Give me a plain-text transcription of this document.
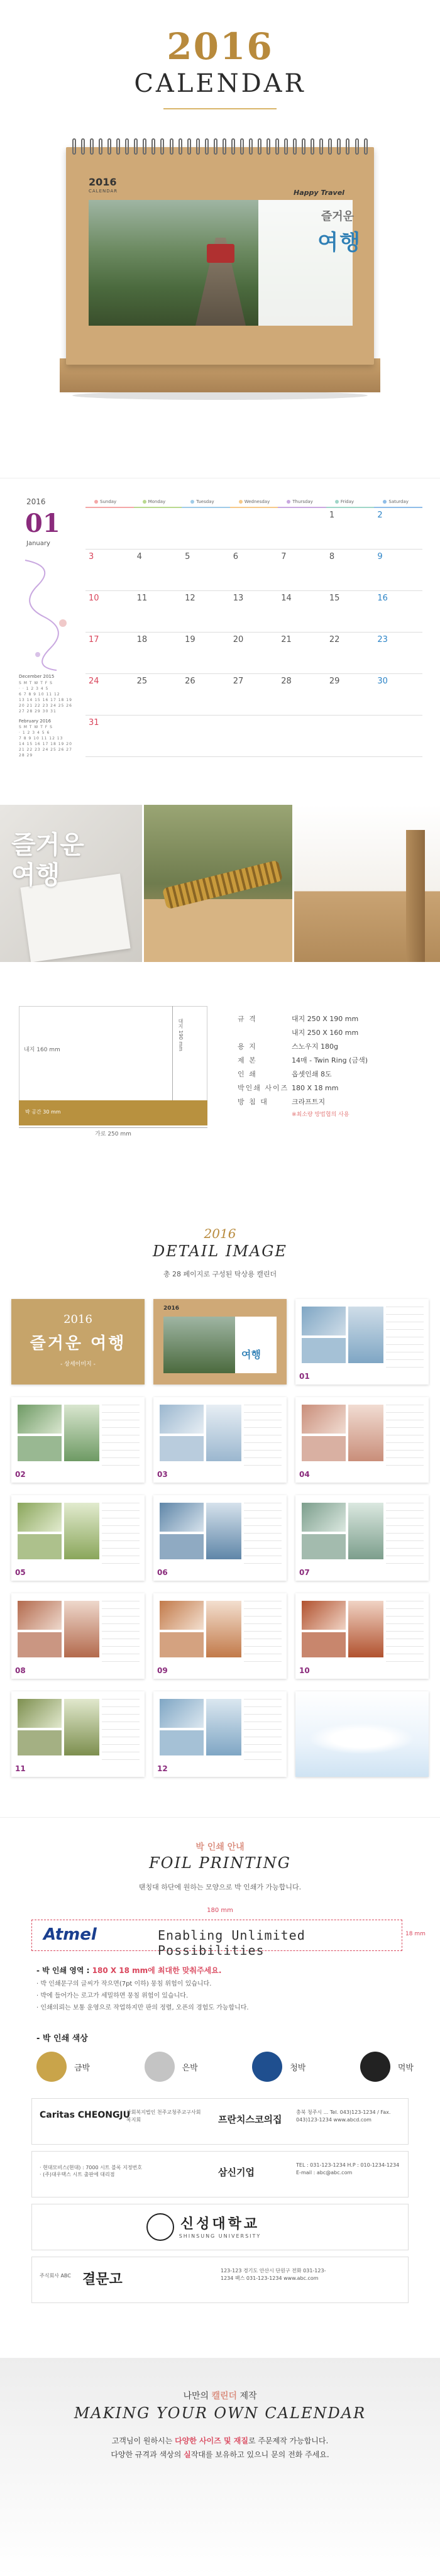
2016
CALENDAR
2016
CALENDAR	Happy Travel
즐거운
여행
2016
01
January
December 2015
S M T W T F S
· · 1 2 3 4 5
6 7 8 9 10 11 12
13 14 15 16 17 18 19
20 21 22 23 24 25 26
27 28 29 30 31
February 2016
S M T W T F S
· 1 2 3 4 5 6
7 8 9 10 11 12 13
14 15 16 17 18 19 20
21 22 23 24 25 26 27
28 29
Sunday	Monday	Tuesday	Wednesday	Thursday	Friday	Saturday
					1	2
3	4	5	6	7	8	9
10	11	12	13	14	15	16
17	18	19	20	21	22	23
24	25	26	27	28	29	30
31						
즐거운
여행
내지 160 mm	대지 190 mm
박 공간 30 mm
가로 250 mm
규 격	대지 250 X 190 mm
내지 250 X 160 mm
용 지	스노우지 180g
제 본	14매 - Twin Ring (금색)
인 쇄	옵셋인쇄 8도
박인쇄 사이즈 180 X 18 mm
방 침 대	크라프트지
※최소량 방법협의 사용
2016
DETAIL IMAGE
총 28 페이지로 구성된 탁상용 캘린더
2016
즐거운 여행
- 상세이미지 -
2016
여행
01
02	03	04
05	06	07
08	09	10
11	12
박 인쇄 안내
FOIL PRINTING
탠칭대 하단에 원하는 모양으로 박 인쇄가 가능합니다.
180 mm
Atmel	Enabling Unlimited Possibilities
18 mm
- 박 인쇄 영역 : 180 X 18 mm에 최대한 맞춰주세요.
· 박 인쇄문구의 글씨가 작으면(7pt 이하) 뭉침 위험이 있습니다.
· 박에 들어가는 로고가 세밀하면 뭉침 위험이 있습니다.
· 인쇄의뢰는 보통 운영으로 작업하지만 판의 정렬, 오픈의 경험도 가능합니다.
- 박 인쇄 색상
금박	은박	청박	먹박
Caritas CHEONGJU
사회복지법인 천주교청주교구사회복지회	프란치스코의집
충북 청주시 ... Tel. 043)123-1234 / Fax. 043)123-1234 www.abcd.com
· 현대모비스(현대) : 7000 시트 블록 지정번호
· (주)대우택스 시트 출판에 대리점	삼신기업
TEL : 031-123-1234 H.P : 010-1234-1234 E-mail : abc@abc.com
신성대학교
SHINSUNG UNIVERSITY
결문고
주식회사 ABC
123-123 경기도 안산시 단원구 전화 031-123-1234 팩스 031-123-1234 www.abc.com
나만의 캘린더 제작
MAKING YOUR OWN CALENDAR
고객님이 원하시는 다양한 사이즈 및 재질로 주문제작 가능합니다.
다양한 규격과 색상의 실작대를 보유하고 있으니 문의 전화 주세요.
